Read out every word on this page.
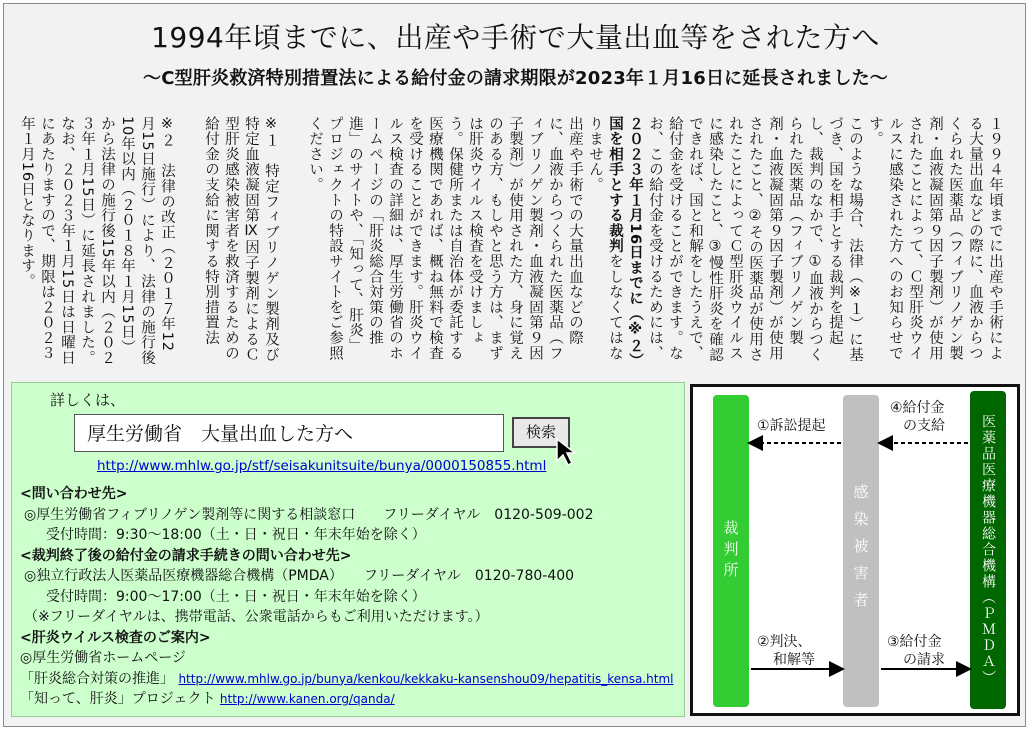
1994年頃までに、出産や手術で大量出血等をされた方へ
～C型肝炎救済特別措置法による給付金の請求期限が2023年１月16日に延長されました～

１９９４年頃までに出産や手術による大量出血などの際に、血液からつくられた医薬品（フィブリノゲン製剤・血液凝固第９因子製剤）が使用されたことによって、Ｃ型肝炎ウイルスに感染された方へのお知らせです。

このような場合、法律（※１）に基づき、国を相手とする裁判を提起し、裁判のなかで、①血液からつくられた医薬品（フィブリノゲン製剤・血液凝固第９因子製剤）が使用されたこと、②その医薬品が使用されたことによってＣ型肝炎ウイルスに感染したこと、③慢性肝炎を確認できれば、国と和解をしたうえで、給付金を受けることができます。なお、この給付金を受けるためには、２０２３年１月16日までに（※２）国を相手とする裁判をしなくてはなりません。

出産や手術での大量出血などの際に、血液からつくられた医薬品（フィブリノゲン製剤・血液凝固第９因子製剤）が使用された方、身に覚えのある方、もしやと思う方は、まずは肝炎ウイルス検査を受けましょう。保健所または自治体が委託する医療機関であれば、概ね無料で検査を受けることができます。肝炎ウイルス検査の詳細は、厚生労働省のホームページの「肝炎総合対策の推進」のサイトや、「知って、肝炎」プロジェクトの特設サイトをご参照ください。

※１　特定フィブリノゲン製剤及び特定血液凝固第Ⅸ因子製剤によるＣ型肝炎感染被害者を救済するための給付金の支給に関する特別措置法

※２　法律の改正（２０１７年12月15日施行）により、法律の施行後10年以内（２０１８年１月15日）から法律の施行後15年以内（２０２３年１月15日）に延長されました。なお、２０２３年１月15日は日曜日にあたりますので、期限は２０２３年１月16日となります。

詳しくは、
厚生労働省　大量出血した方へ	検索
http://www.mhlw.go.jp/stf/seisakunitsuite/bunya/0000150855.html
<問い合わせ先>
◎厚生労働省フィブリノゲン製剤等に関する相談窓口　　 フリーダイヤル　0120-509-002
受付時間：9:30～18:00（土・日・祝日・年末年始を除く）
<裁判終了後の給付金の請求手続きの問い合わせ先>
◎独立行政法人医薬品医療機器総合機構（PMDA）　　 フリーダイヤル　0120-780-400
受付時間：9:00～17:00（土・日・祝日・年末年始を除く）
（※フリーダイヤルは、携帯電話、公衆電話からもご利用いただけます。）
<肝炎ウイルス検査のご案内>
◎厚生労働省ホームページ
「肝炎総合対策の推進」 http://www.mhlw.go.jp/bunya/kenkou/kekkaku-kansenshou09/hepatitis_kensa.html
「知って、肝炎」プロジェクト http://www.kanen.org/qanda/
裁判所	感染被害者	医薬品医療機器総合機構（ＰＭＤＡ）
①訴訟提起
④給付金
の支給
②判決、
和解等
③給付金
の請求
